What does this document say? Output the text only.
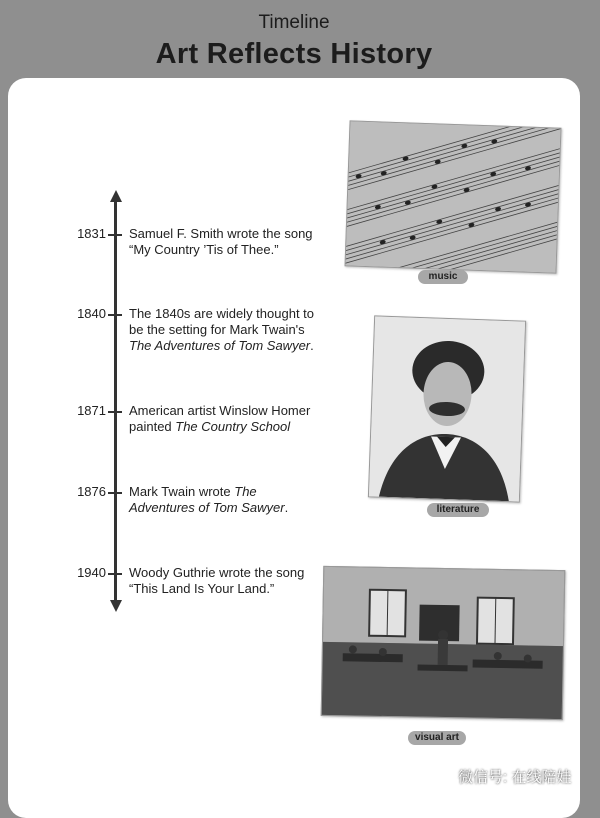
Timeline
Art Reflects History
1831 Samuel F. Smith wrote the song
“My Country ’Tis of Thee.”
1840 The 1840s are widely thought to
be the setting for Mark Twain's
The Adventures of Tom Sawyer.
1871 American artist Winslow Homer
painted The Country School
1876 Mark Twain wrote The
Adventures of Tom Sawyer.
1940 Woody Guthrie wrote the song
“This Land Is Your Land.”
music
literature
visual art
微信号: 在线陪娃
